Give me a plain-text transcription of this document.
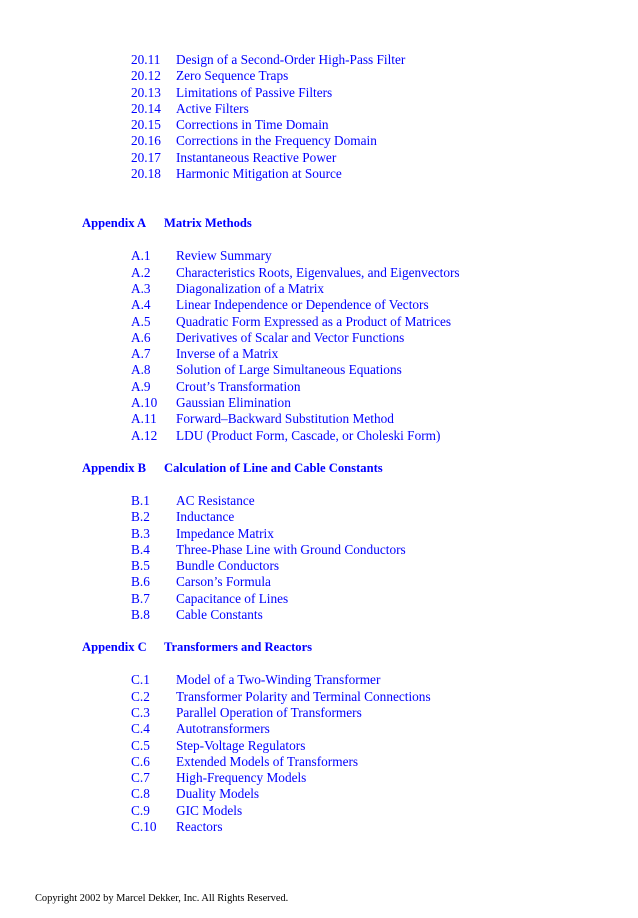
20.11 Design of a Second-Order High-Pass Filter
20.12 Zero Sequence Traps
20.13 Limitations of Passive Filters
20.14 Active Filters
20.15 Corrections in Time Domain
20.16 Corrections in the Frequency Domain
20.17 Instantaneous Reactive Power
20.18 Harmonic Mitigation at Source
Appendix A Matrix Methods
A.1 Review Summary
A.2 Characteristics Roots, Eigenvalues, and Eigenvectors
A.3 Diagonalization of a Matrix
A.4 Linear Independence or Dependence of Vectors
A.5 Quadratic Form Expressed as a Product of Matrices
A.6 Derivatives of Scalar and Vector Functions
A.7 Inverse of a Matrix
A.8 Solution of Large Simultaneous Equations
A.9 Crout’s Transformation
A.10 Gaussian Elimination
A.11 Forward–Backward Substitution Method
A.12 LDU (Product Form, Cascade, or Choleski Form)
Appendix B Calculation of Line and Cable Constants
B.1 AC Resistance
B.2 Inductance
B.3 Impedance Matrix
B.4 Three-Phase Line with Ground Conductors
B.5 Bundle Conductors
B.6 Carson’s Formula
B.7 Capacitance of Lines
B.8 Cable Constants
Appendix C Transformers and Reactors
C.1 Model of a Two-Winding Transformer
C.2 Transformer Polarity and Terminal Connections
C.3 Parallel Operation of Transformers
C.4 Autotransformers
C.5 Step-Voltage Regulators
C.6 Extended Models of Transformers
C.7 High-Frequency Models
C.8 Duality Models
C.9 GIC Models
C.10 Reactors
Copyright 2002 by Marcel Dekker, Inc. All Rights Reserved.
